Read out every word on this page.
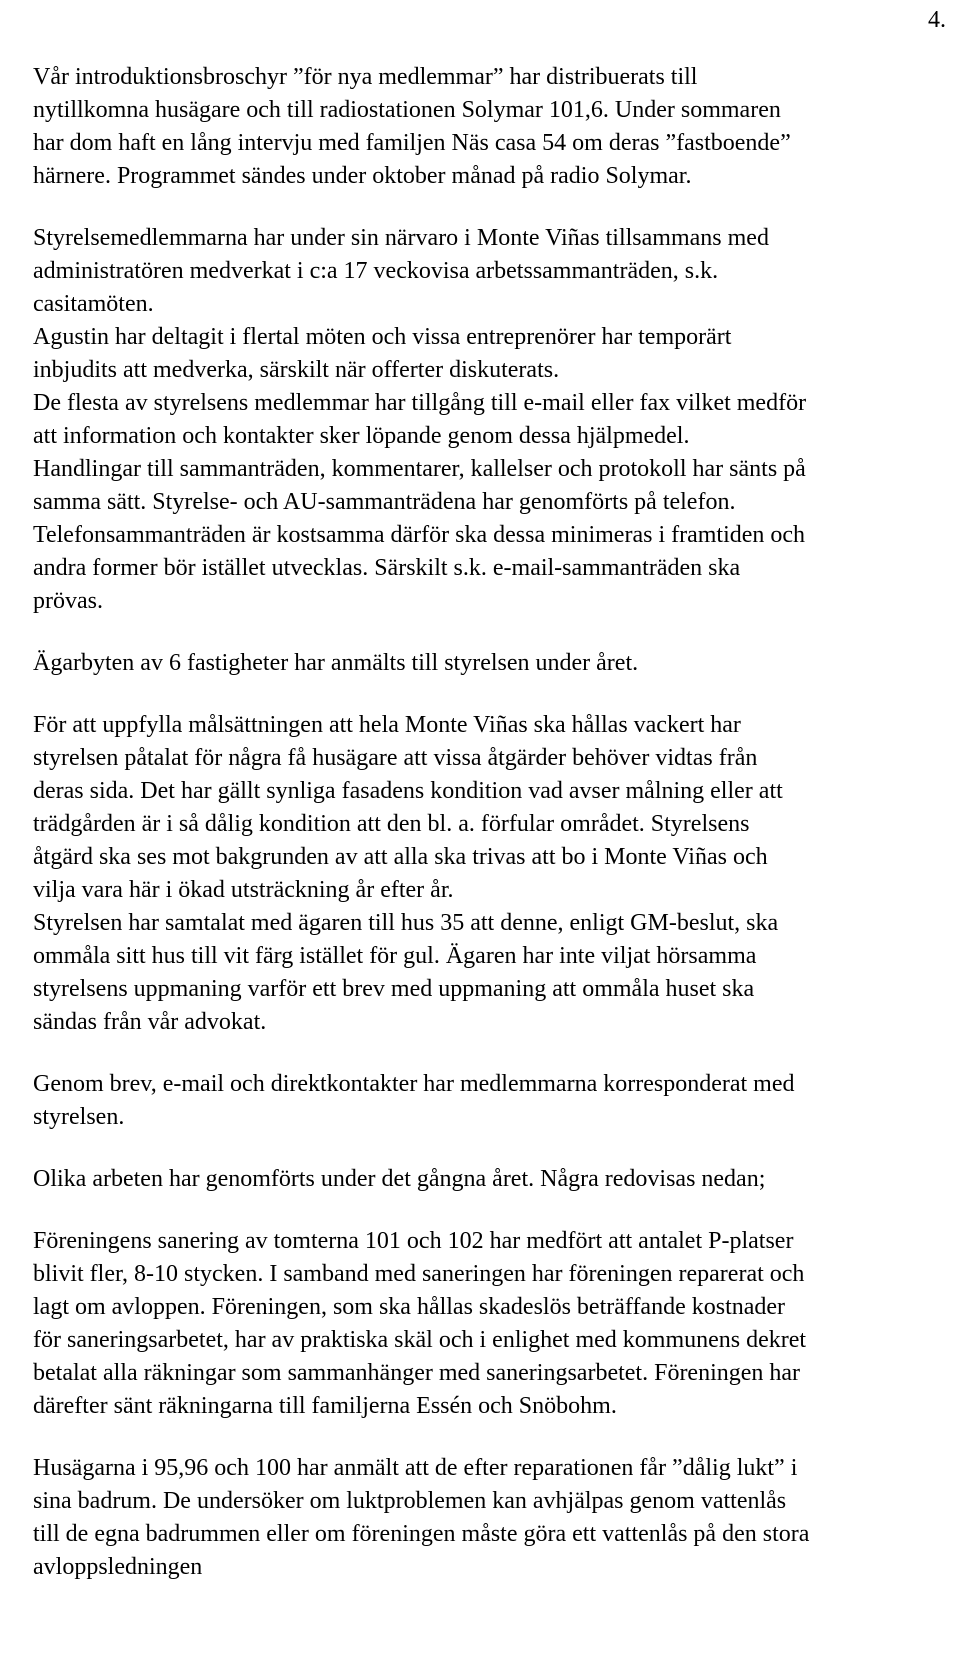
4.

Vår introduktionsbroschyr ”för nya medlemmar” har distribuerats till

nytillkomna husägare och till radiostationen Solymar 101,6. Under sommaren

har dom haft en lång intervju med familjen Näs casa 54 om deras ”fastboende”

härnere. Programmet sändes under oktober månad på radio Solymar.

Styrelsemedlemmarna har under sin närvaro i Monte Viñas tillsammans med

administratören medverkat i c:a 17 veckovisa arbetssammanträden, s.k.

casitamöten.

Agustin har deltagit i flertal möten och vissa entreprenörer har temporärt

inbjudits att medverka, särskilt när offerter diskuterats.

De flesta av styrelsens medlemmar har tillgång till e-mail eller fax vilket medför

att information och kontakter sker löpande genom dessa hjälpmedel.

Handlingar till sammanträden, kommentarer, kallelser och protokoll har sänts på

samma sätt. Styrelse- och AU-sammanträdena har genomförts på telefon.

Telefonsammanträden är kostsamma därför ska dessa minimeras i framtiden och

andra former bör istället utvecklas. Särskilt s.k. e-mail-sammanträden ska

prövas.

Ägarbyten av 6 fastigheter har anmälts till styrelsen under året.

För att uppfylla målsättningen att hela Monte Viñas ska hållas vackert har

styrelsen påtalat för några få husägare att vissa åtgärder behöver vidtas från

deras sida. Det har gällt synliga fasadens kondition vad avser målning eller att

trädgården är i så dålig kondition att den bl. a. förfular området. Styrelsens

åtgärd ska ses mot bakgrunden av att alla ska trivas att bo i Monte Viñas och

vilja vara här i ökad utsträckning år efter år.

Styrelsen har samtalat med ägaren till hus 35 att denne, enligt GM-beslut, ska

ommåla sitt hus till vit färg istället för gul. Ägaren har inte viljat hörsamma

styrelsens uppmaning varför ett brev med uppmaning att ommåla huset ska

sändas från vår advokat.

Genom brev, e-mail och direktkontakter har medlemmarna korresponderat med

styrelsen.

Olika arbeten har genomförts under det gångna året. Några redovisas nedan;

Föreningens sanering av tomterna 101 och 102 har medfört att antalet P-platser

blivit fler, 8-10 stycken. I samband med saneringen har föreningen reparerat och

lagt om avloppen. Föreningen, som ska hållas skadeslös beträffande kostnader

för saneringsarbetet, har av praktiska skäl och i enlighet med kommunens dekret

betalat alla räkningar som sammanhänger med saneringsarbetet. Föreningen har

därefter sänt räkningarna till familjerna Essén och Snöbohm.

Husägarna i 95,96 och 100 har anmält att de efter reparationen får ”dålig lukt” i

sina badrum. De undersöker om luktproblemen kan avhjälpas genom vattenlås

till de egna badrummen eller om föreningen måste göra ett vattenlås på den stora

avloppsledningen
